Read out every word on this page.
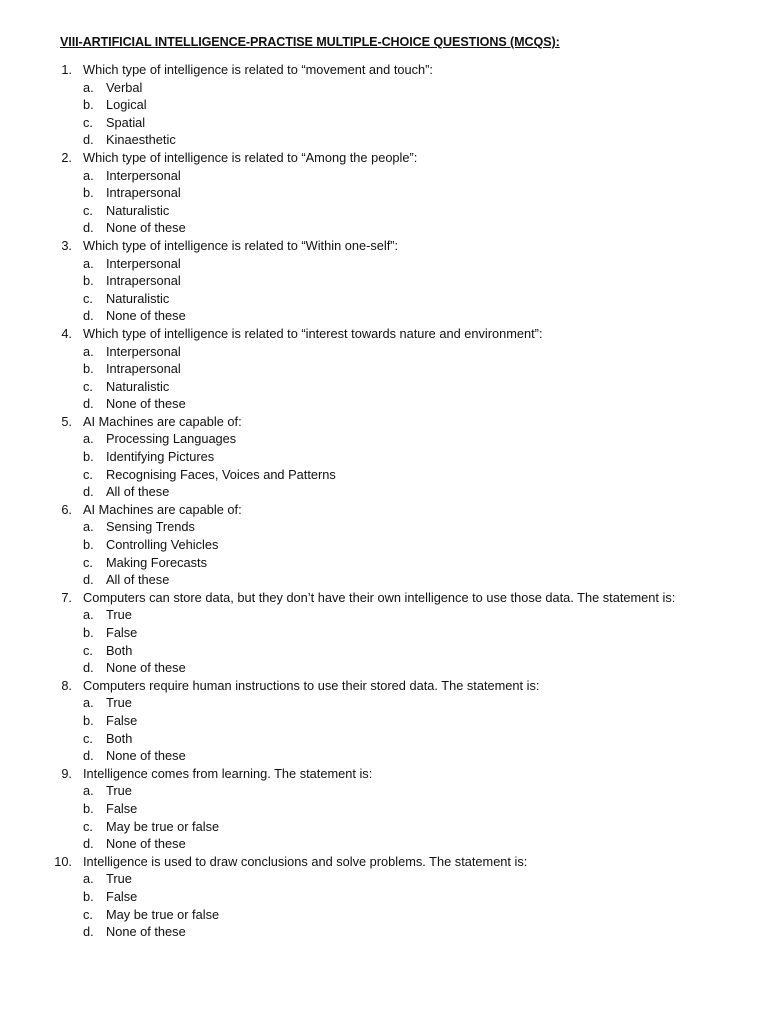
VIII-ARTIFICIAL INTELLIGENCE-PRACTISE MULTIPLE-CHOICE QUESTIONS (MCQS):
1. Which type of intelligence is related to “movement and touch”:
a. Verbal
b. Logical
c.	Spatial
d. Kinaesthetic
2. Which type of intelligence is related to “Among the people”:
a. Interpersonal
b. Intrapersonal
c.	Naturalistic
d. None of these
3. Which type of intelligence is related to “Within one-self”:
a. Interpersonal
b. Intrapersonal
c.	Naturalistic
d. None of these
4. Which type of intelligence is related to “interest towards nature and environment”:
a. Interpersonal
b. Intrapersonal
c.	Naturalistic
d. None of these
5. AI Machines are capable of:
a. Processing Languages
b. Identifying Pictures
c.	Recognising Faces, Voices and Patterns
d. All of these
6. AI Machines are capable of:
a. Sensing Trends
b. Controlling Vehicles
c.	Making Forecasts
d. All of these
7. Computers can store data, but they don’t have their own intelligence to use those data. The statement is:
a. True
b. False
c.	Both
d. None of these
8. Computers require human instructions to use their stored data. The statement is:
a. True
b. False
c.	Both
d. None of these
9. Intelligence comes from learning. The statement is:
a. True
b. False
c.	May be true or false
d. None of these
10. Intelligence is used to draw conclusions and solve problems. The statement is:
a. True
b. False
c.	May be true or false
d. None of these
